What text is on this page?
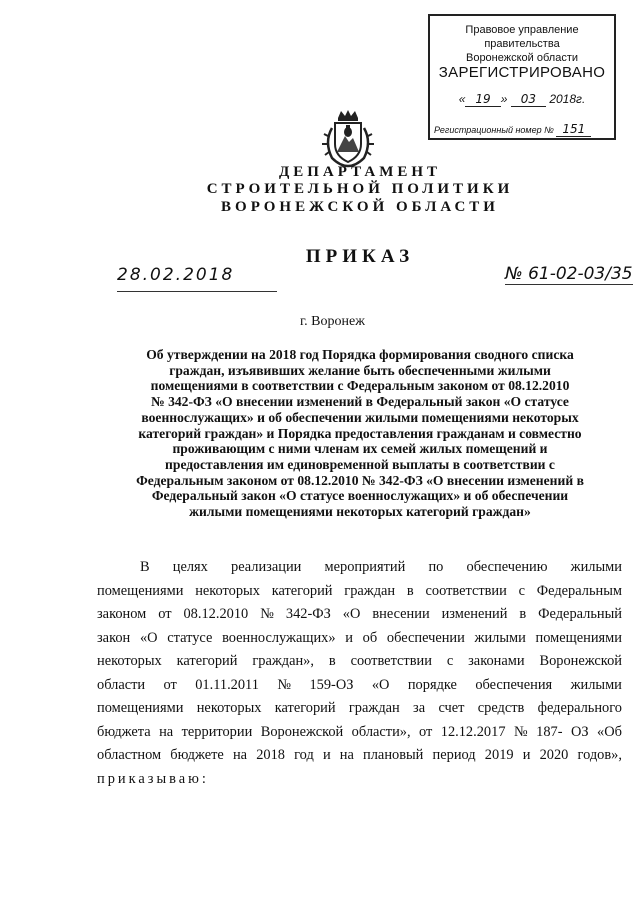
Правовое управление правительства
Воронежской области
ЗАРЕГИСТРИРОВАНО
« 19 » 03 2018г.
Регистрационный номер № 151
ДЕПАРТАМЕНТ
СТРОИТЕЛЬНОЙ ПОЛИТИКИ
ВОРОНЕЖСКОЙ ОБЛАСТИ
ПРИКАЗ
28.02.2018	№ 61-02-03/35
г. Воронеж
Об утверждении на 2018 год Порядка формирования сводного списка
граждан, изъявивших желание быть обеспеченными жилыми
помещениями в соответствии с Федеральным законом от 08.12.2010
№ 342-ФЗ «О внесении изменений в Федеральный закон «О статусе
военнослужащих» и об обеспечении жилыми помещениями некоторых
категорий граждан» и Порядка предоставления гражданам и совместно
проживающим с ними членам их семей жилых помещений и
предоставления им единовременной выплаты в соответствии с
Федеральным законом от 08.12.2010 № 342-ФЗ «О внесении изменений в
Федеральный закон «О статусе военнослужащих» и об обеспечении
жилыми помещениями некоторых категорий граждан»
В целях реализации мероприятий по обеспечению жилыми
помещениями некоторых категорий граждан в соответствии с Федеральным
законом от 08.12.2010 № 342-ФЗ «О внесении изменений в Федеральный
закон «О статусе военнослужащих» и об обеспечении жилыми помещениями
некоторых категорий граждан», в соответствии с законами Воронежской
области от 01.11.2011 № 159-ОЗ «О порядке обеспечения жилыми
помещениями некоторых категорий граждан за счет средств федерального
бюджета на территории Воронежской области», от 12.12.2017 № 187- ОЗ «Об
областном бюджете на 2018 год и на плановый период 2019 и 2020 годов»,
приказываю:
